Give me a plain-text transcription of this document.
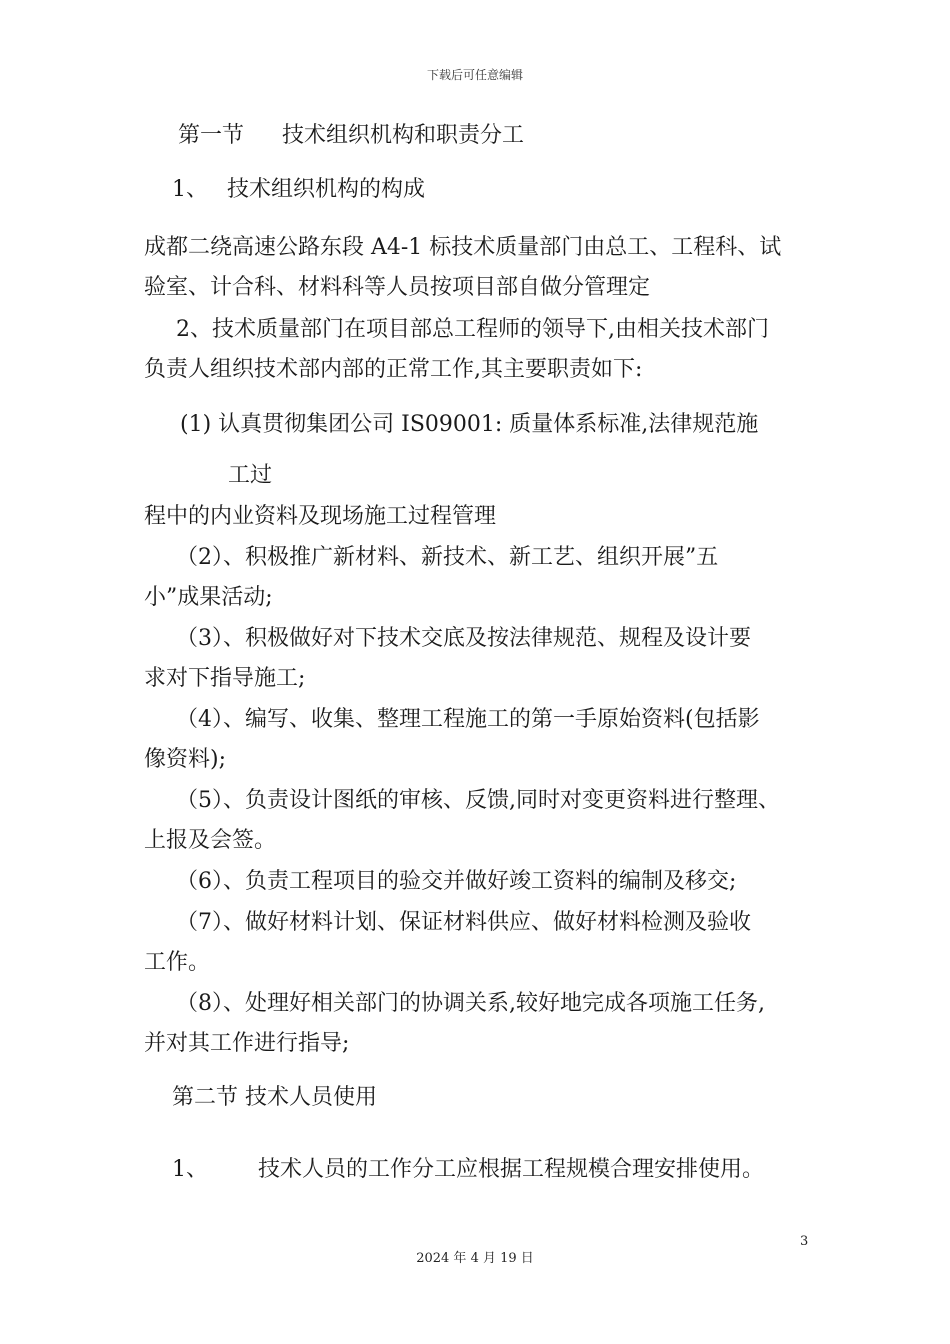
下载后可任意编辑
第一节 技术组织机构和职责分工
1、 技术组织机构的构成
成都二绕高速公路东段 A4-1 标技术质量部门由总工、工程科、试
验室、计合科、材料科等人员按项目部自做分管理定
2、技术质量部门在项目部总工程师的领导下,由相关技术部门
负责人组织技术部内部的正常工作,其主要职责如下:
(1) 认真贯彻集团公司 IS09001: 质量体系标准,法律规范施
工过
程中的内业资料及现场施工过程管理
（2）、积极推广新材料、新技术、新工艺、组织开展”五
小”成果活动;
（3）、积极做好对下技术交底及按法律规范、规程及设计要
求对下指导施工;
（4）、编写、收集、整理工程施工的第一手原始资料(包括影
像资料);
（5）、负责设计图纸的审核、反馈,同时对变更资料进行整理、
上报及会签。
（6）、负责工程项目的验交并做好竣工资料的编制及移交;
（7）、做好材料计划、保证材料供应、做好材料检测及验收
工作。
（8）、处理好相关部门的协调关系,较好地完成各项施工任务,
并对其工作进行指导;
第二节 技术人员使用
1、 技术人员的工作分工应根据工程规模合理安排使用。
3
2024 年 4 月 19 日
